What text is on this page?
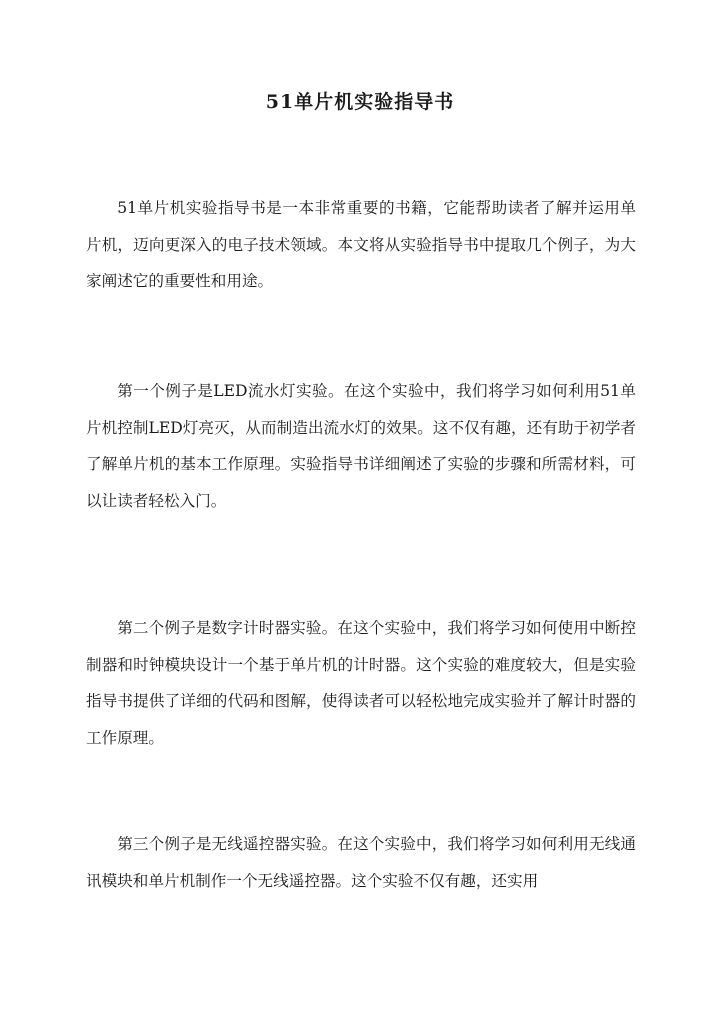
51单片机实验指导书

51单片机实验指导书是一本非常重要的书籍，它能帮助读者了解并运用单片机，迈向更深入的电子技术领域。本文将从实验指导书中提取几个例子，为大家阐述它的重要性和用途。

第一个例子是LED流水灯实验。在这个实验中，我们将学习如何利用51单片机控制LED灯亮灭，从而制造出流水灯的效果。这不仅有趣，还有助于初学者了解单片机的基本工作原理。实验指导书详细阐述了实验的步骤和所需材料，可以让读者轻松入门。

第二个例子是数字计时器实验。在这个实验中，我们将学习如何使用中断控制器和时钟模块设计一个基于单片机的计时器。这个实验的难度较大，但是实验指导书提供了详细的代码和图解，使得读者可以轻松地完成实验并了解计时器的工作原理。

第三个例子是无线遥控器实验。在这个实验中，我们将学习如何利用无线通讯模块和单片机制作一个无线遥控器。这个实验不仅有趣，还实用
